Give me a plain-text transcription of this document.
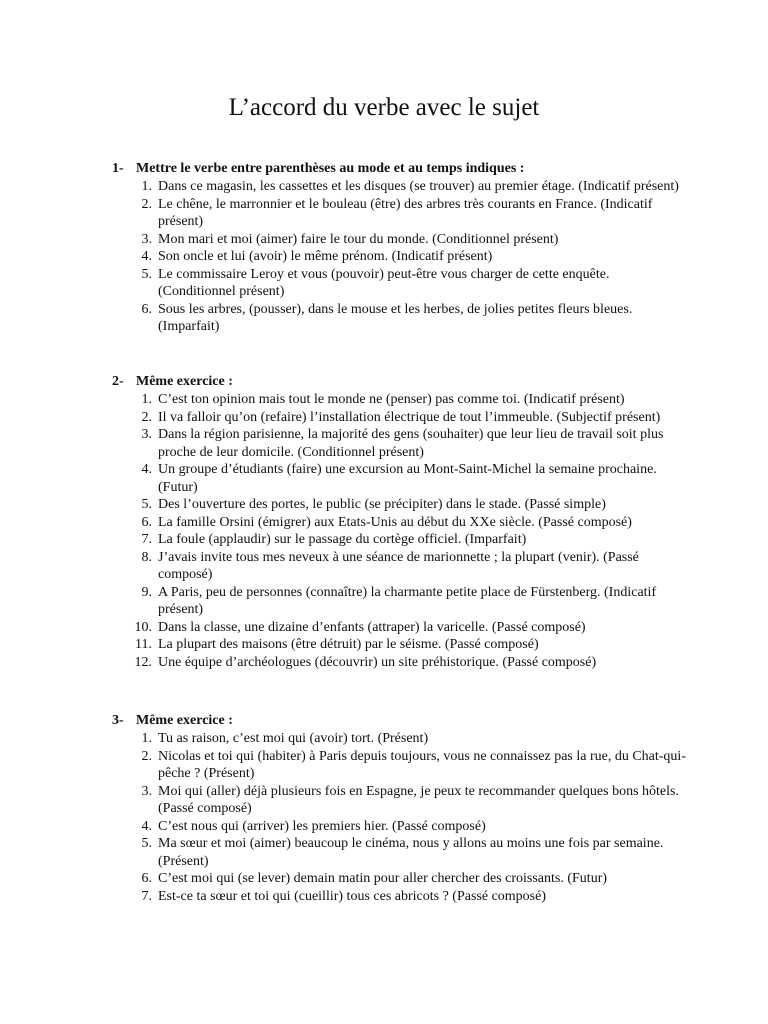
L’accord du verbe avec le sujet
1- Mettre le verbe entre parenthèses au mode et au temps indiques :
1. Dans ce magasin, les cassettes et les disques (se trouver) au premier étage. (Indicatif présent)
2. Le chêne, le marronnier et le bouleau (être) des arbres très courants en France. (Indicatif présent)
3. Mon mari et moi (aimer) faire le tour du monde. (Conditionnel présent)
4. Son oncle et lui (avoir) le même prénom. (Indicatif présent)
5. Le commissaire Leroy et vous (pouvoir) peut-être vous charger de cette enquête. (Conditionnel présent)
6. Sous les arbres, (pousser), dans le mouse et les herbes, de jolies petites fleurs bleues. (Imparfait)
2- Même exercice :
1. C’est ton opinion mais tout le monde ne (penser) pas comme toi. (Indicatif présent)
2. Il va falloir qu’on (refaire) l’installation électrique de tout l’immeuble. (Subjectif présent)
3. Dans la région parisienne, la majorité des gens (souhaiter) que leur lieu de travail soit plus proche de leur domicile. (Conditionnel présent)
4. Un groupe d’étudiants (faire) une excursion au Mont-Saint-Michel la semaine prochaine. (Futur)
5. Des l’ouverture des portes, le public (se précipiter) dans le stade. (Passé simple)
6. La famille Orsini (émigrer) aux Etats-Unis au début du XXe siècle. (Passé composé)
7. La foule (applaudir) sur le passage du cortège officiel. (Imparfait)
8. J’avais invite tous mes neveux à une séance de marionnette ; la plupart (venir). (Passé composé)
9. A Paris, peu de personnes (connaître) la charmante petite place de Fürstenberg. (Indicatif présent)
10. Dans la classe, une dizaine d’enfants (attraper) la varicelle. (Passé composé)
11. La plupart des maisons (être détruit) par le séisme. (Passé composé)
12. Une équipe d’archéologues (découvrir) un site préhistorique. (Passé composé)
3- Même exercice :
1. Tu as raison, c’est moi qui (avoir) tort. (Présent)
2. Nicolas et toi qui (habiter) à Paris depuis toujours, vous ne connaissez pas la rue, du Chat-qui-pêche ? (Présent)
3. Moi qui (aller) déjà plusieurs fois en Espagne, je peux te recommander quelques bons hôtels. (Passé composé)
4. C’est nous qui (arriver) les premiers hier. (Passé composé)
5. Ma sœur et moi (aimer) beaucoup le cinéma, nous y allons au moins une fois par semaine. (Présent)
6. C’est moi qui (se lever) demain matin pour aller chercher des croissants. (Futur)
7. Est-ce ta sœur et toi qui (cueillir) tous ces abricots ? (Passé composé)
